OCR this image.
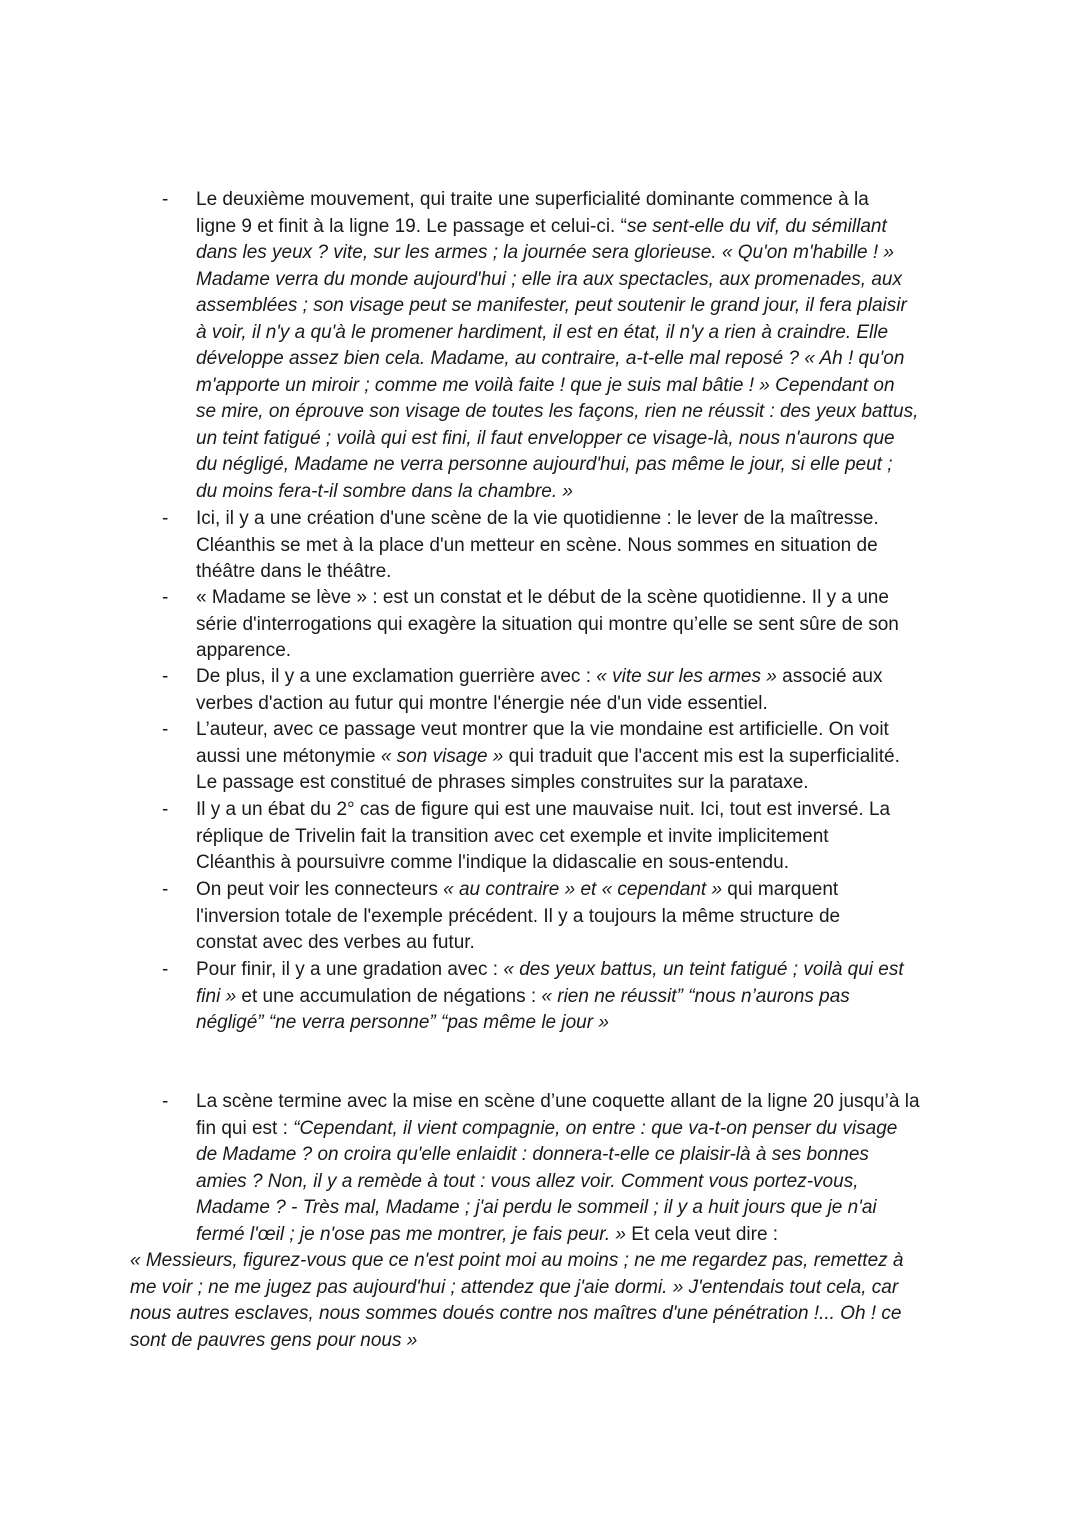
- Le deuxième mouvement, qui traite une superficialité dominante commence à la
ligne 9 et finit à la ligne 19. Le passage et celui-ci. “se sent-elle du vif, du sémillant
dans les yeux ? vite, sur les armes ; la journée sera glorieuse. « Qu'on m'habille ! »
Madame verra du monde aujourd'hui ; elle ira aux spectacles, aux promenades, aux
assemblées ; son visage peut se manifester, peut soutenir le grand jour, il fera plaisir
à voir, il n'y a qu'à le promener hardiment, il est en état, il n'y a rien à craindre. Elle
développe assez bien cela. Madame, au contraire, a-t-elle mal reposé ? « Ah ! qu'on
m'apporte un miroir ; comme me voilà faite ! que je suis mal bâtie ! » Cependant on
se mire, on éprouve son visage de toutes les façons, rien ne réussit : des yeux battus,
un teint fatigué ; voilà qui est fini, il faut envelopper ce visage-là, nous n'aurons que
du négligé, Madame ne verra personne aujourd'hui, pas même le jour, si elle peut ;
du moins fera-t-il sombre dans la chambre. »
- Ici, il y a une création d'une scène de la vie quotidienne : le lever de la maîtresse.
Cléanthis se met à la place d'un metteur en scène. Nous sommes en situation de
théâtre dans le théâtre.
- « Madame se lève » : est un constat et le début de la scène quotidienne. Il y a une
série d'interrogations qui exagère la situation qui montre qu’elle se sent sûre de son
apparence.
- De plus, il y a une exclamation guerrière avec : « vite sur les armes » associé aux
verbes d'action au futur qui montre l'énergie née d'un vide essentiel.
- L’auteur, avec ce passage veut montrer que la vie mondaine est artificielle. On voit
aussi une métonymie « son visage » qui traduit que l'accent mis est la superficialité.
Le passage est constitué de phrases simples construites sur la parataxe.
- Il y a un ébat du 2° cas de figure qui est une mauvaise nuit. Ici, tout est inversé. La
réplique de Trivelin fait la transition avec cet exemple et invite implicitement
Cléanthis à poursuivre comme l'indique la didascalie en sous-entendu.
- On peut voir les connecteurs « au contraire » et « cependant » qui marquent
l'inversion totale de l'exemple précédent. Il y a toujours la même structure de
constat avec des verbes au futur.
- Pour finir, il y a une gradation avec : « des yeux battus, un teint fatigué ; voilà qui est
fini » et une accumulation de négations : « rien ne réussit” “nous n’aurons pas
négligé” “ne verra personne” “pas même le jour »
- La scène termine avec la mise en scène d’une coquette allant de la ligne 20 jusqu’à la
fin qui est : “Cependant, il vient compagnie, on entre : que va-t-on penser du visage
de Madame ? on croira qu'elle enlaidit : donnera-t-elle ce plaisir-là à ses bonnes
amies ? Non, il y a remède à tout : vous allez voir. Comment vous portez-vous,
Madame ? - Très mal, Madame ; j'ai perdu le sommeil ; il y a huit jours que je n'ai
fermé l'œil ; je n'ose pas me montrer, je fais peur. » Et cela veut dire :
« Messieurs, figurez-vous que ce n'est point moi au moins ; ne me regardez pas, remettez à
me voir ; ne me jugez pas aujourd'hui ; attendez que j'aie dormi. » J'entendais tout cela, car
nous autres esclaves, nous sommes doués contre nos maîtres d'une pénétration !... Oh ! ce
sont de pauvres gens pour nous »
